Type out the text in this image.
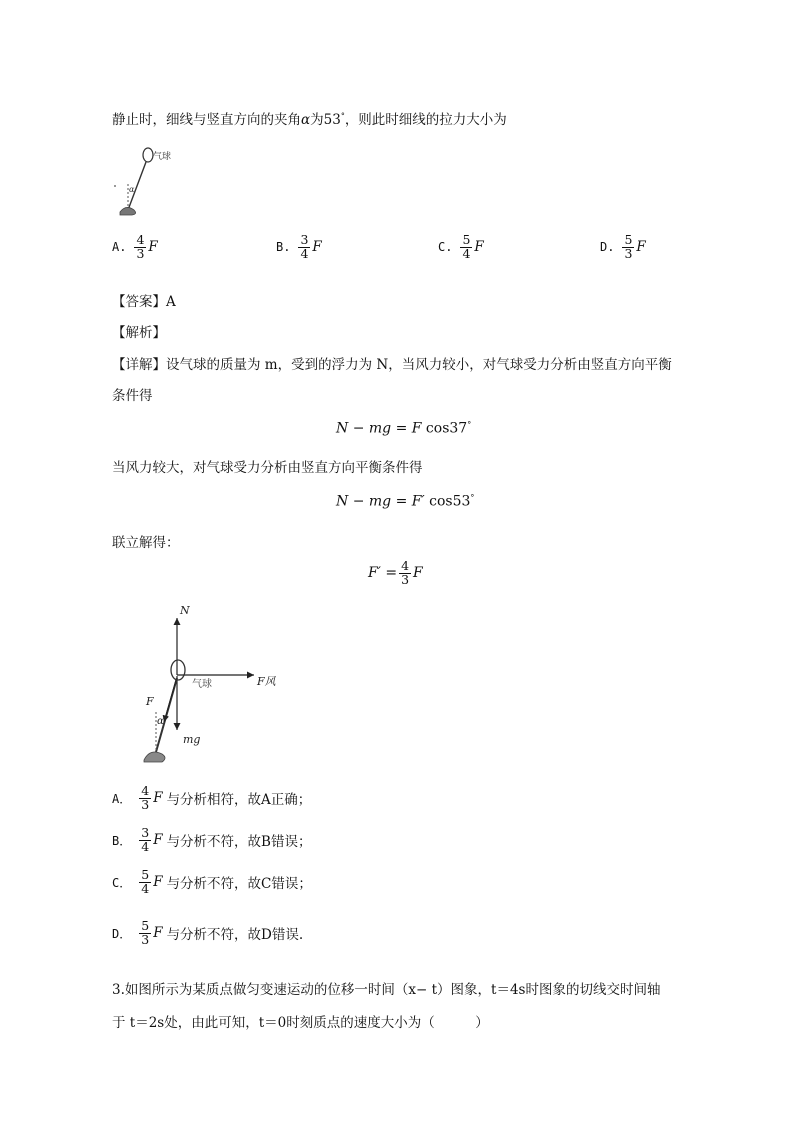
静止时，细线与竖直方向的夹角α为53°，则此时细线的拉力大小为
气球
α
A. $\frac{4}{3}$ F	B. $\frac{3}{4}$ F	C. $\frac{5}{4}$ F	D. $\frac{5}{3}$ F
【答案】A
【解析】
【详解】设气球的质量为 m，受到的浮力为 N，当风力较小，对气球受力分析由竖直方向平衡
条件得
N − mg = F cos37°
当风力较大，对气球受力分析由竖直方向平衡条件得
N − mg = F′ cos53°
联立解得：
$F' = \frac{4}{3}$ F
N
F风
气球
mg
F
α
A． $\frac{4}{3}$ F 与分析相符，故A正确；
B． $\frac{3}{4}$ F 与分析不符，故B错误；
C． $\frac{5}{4}$ F 与分析不符，故C错误；
D． $\frac{5}{3}$ F 与分析不符，故D错误.
3.如图所示为某质点做匀变速运动的位移一时间（x− t）图象，t＝4s时图象的切线交时间轴
于 t＝2s处，由此可知，t＝0时刻质点的速度大小为（　　　）
